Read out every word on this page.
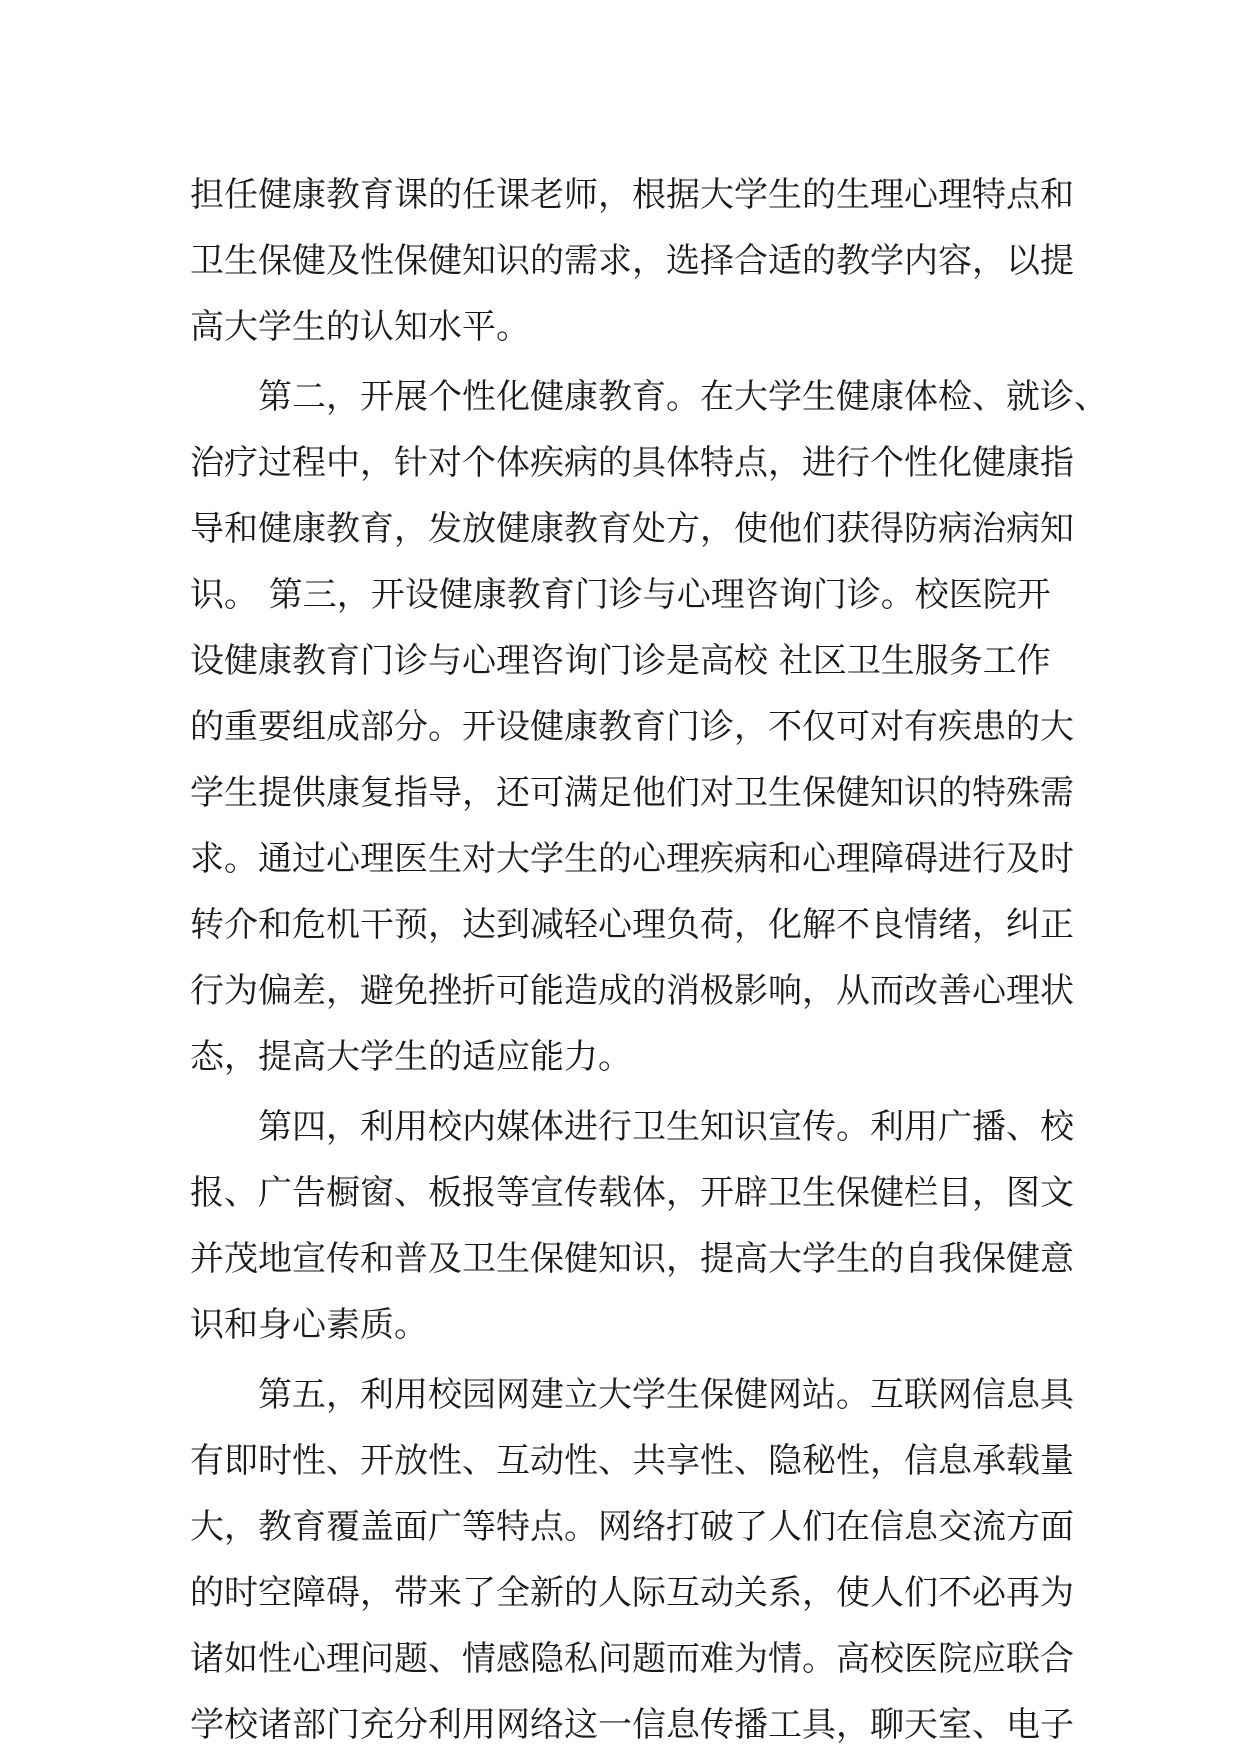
担任健康教育课的任课老师，根据大学生的生理心理特点和

卫生保健及性保健知识的需求，选择合适的教学内容，以提

高大学生的认知水平。

第二，开展个性化健康教育。在大学生健康体检、就诊、

治疗过程中，针对个体疾病的具体特点，进行个性化健康指

导和健康教育，发放健康教育处方，使他们获得防病治病知

识。 第三，开设健康教育门诊与心理咨询门诊。校医院开

设健康教育门诊与心理咨询门诊是高校 社区卫生服务工作

的重要组成部分。开设健康教育门诊，不仅可对有疾患的大

学生提供康复指导，还可满足他们对卫生保健知识的特殊需

求。通过心理医生对大学生的心理疾病和心理障碍进行及时

转介和危机干预，达到减轻心理负荷，化解不良情绪，纠正

行为偏差，避免挫折可能造成的消极影响，从而改善心理状

态，提高大学生的适应能力。

第四，利用校内媒体进行卫生知识宣传。利用广播、校

报、广告橱窗、板报等宣传载体，开辟卫生保健栏目，图文

并茂地宣传和普及卫生保健知识，提高大学生的自我保健意

识和身心素质。

第五，利用校园网建立大学生保健网站。互联网信息具

有即时性、开放性、互动性、共享性、隐秘性，信息承载量

大，教育覆盖面广等特点。网络打破了人们在信息交流方面

的时空障碍，带来了全新的人际互动关系，使人们不必再为

诸如性心理问题、情感隐私问题而难为情。高校医院应联合

学校诸部门充分利用网络这一信息传播工具，聊天室、电子
